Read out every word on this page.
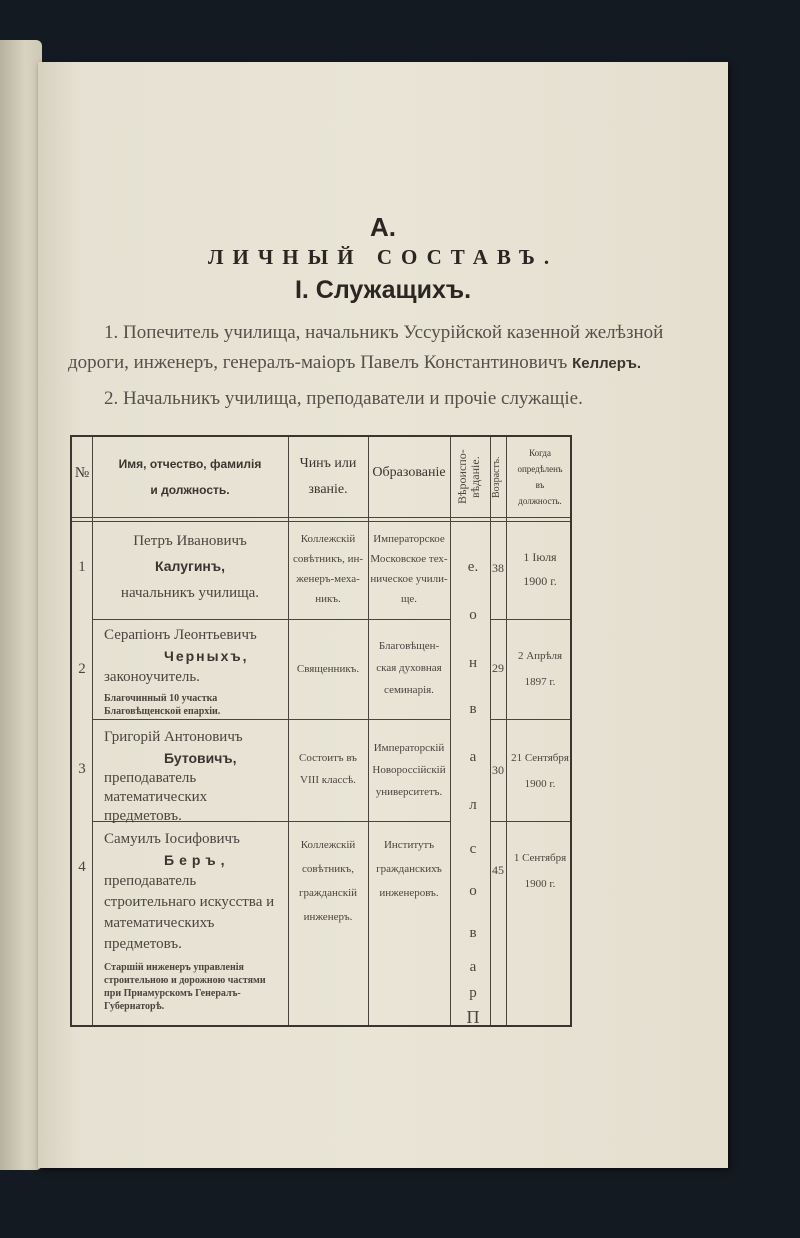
А.
ЛИЧНЫЙ СОСТАВЪ.
I. Служащихъ.
1. Попечитель училища, начальникъ Уссурійской казенной желѣзной дороги, инженеръ, генералъ-маіоръ Павелъ Константиновичъ Келлеръ.
2. Начальникъ училища, преподаватели и прочіе служащіе.
№
Имя, отчество, фамилія
и должность.
Чинъ или
званіе.
Образованіе Вѣроиспо- вѣданіе. Возрастъ.
Когда
опредѣленъ
въ
должность.
е.
о
н
в
а
л
с
о
в
а
р
П
1
Петръ Ивановичъ
Калугинъ,
начальникъ училища.
Коллежскій
совѣтникъ, ин-
женеръ-меха-
никъ.
Императорское
Московское тех-
ническое учили-
ще.
38
1 Іюля
1900 г.
2
Серапіонъ Леонтьевичъ
Черныхъ,
законоучитель.
Благочинный 10 участка Благовѣщенской епархіи.
Священникъ.
Благовѣщен-
ская духовная
семинарія.
29
2 Апрѣля
1897 г.
3
Григорій Антоновичъ
Бутовичъ,
преподаватель математических предметовъ.
Состоитъ въ
VIII классѣ.
Императорскій
Новороссійскій
университетъ.
30
21 Сентября
1900 г.
4
Самуилъ Іосифовичъ
Беръ,
преподаватель строительнаго искусства и математическихъ предметовъ.
Старшій инженеръ управленія строительною и дорожною частями при Приамурскомъ Генералъ-Губернаторѣ.
Коллежскій
совѣтникъ,
гражданскій
инженеръ.
Институтъ
гражданскихъ
инженеровъ.
45
1 Сентября
1900 г.
